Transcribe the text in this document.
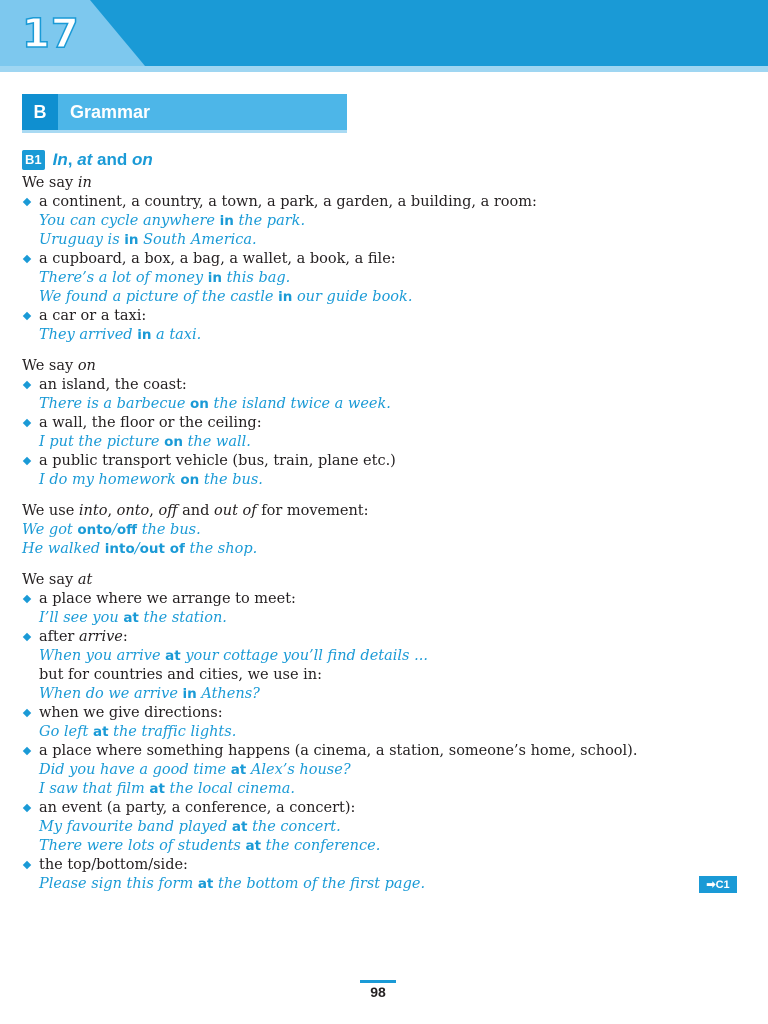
17
B	Grammar
B1 In, at and on
We say in
a continent, a country, a town, a park, a garden, a building, a room:
You can cycle anywhere in the park.
Uruguay is in South America.
a cupboard, a box, a bag, a wallet, a book, a file:
There’s a lot of money in this bag.
We found a picture of the castle in our guide book.
a car or a taxi:
They arrived in a taxi.
We say on
an island, the coast:
There is a barbecue on the island twice a week.
a wall, the floor or the ceiling:
I put the picture on the wall.
a public transport vehicle (bus, train, plane etc.)
I do my homework on the bus.
We use into, onto, off and out of for movement:
We got onto/off the bus.
He walked into/out of the shop.
We say at
a place where we arrange to meet:
I’ll see you at the station.
after arrive:
When you arrive at your cottage you’ll find details ...
but for countries and cities, we use in:
When do we arrive in Athens?
when we give directions:
Go left at the traffic lights.
a place where something happens (a cinema, a station, someone’s home, school).
Did you have a good time at Alex’s house?
I saw that film at the local cinema.
an event (a party, a conference, a concert):
My favourite band played at the concert.
There were lots of students at the conference.
the top/bottom/side:
Please sign this form at the bottom of the first page.	➡C1
98
